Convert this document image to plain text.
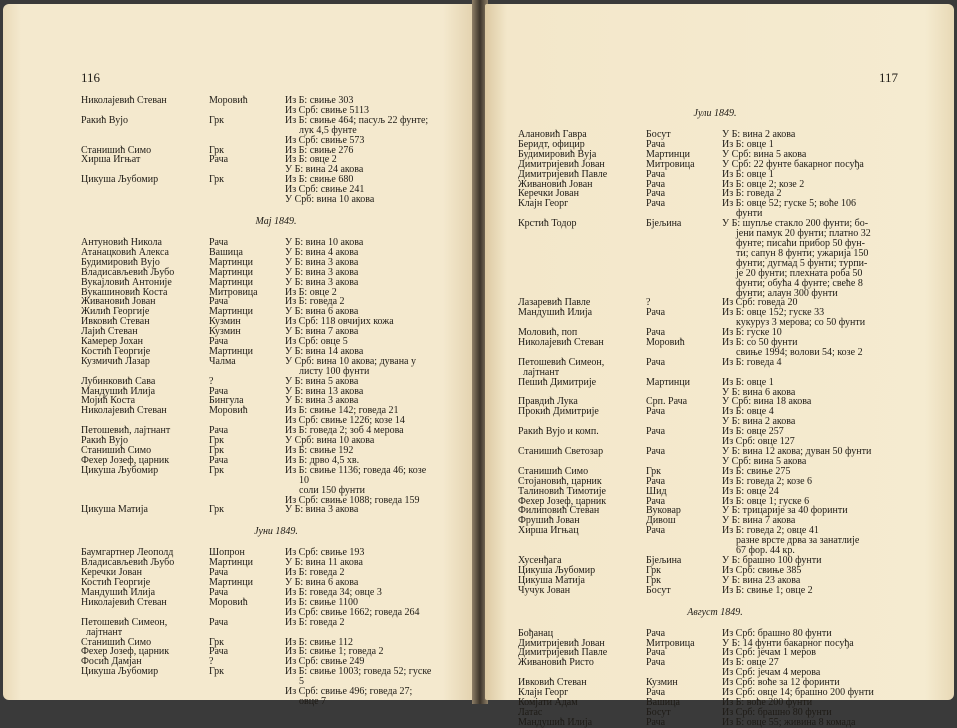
116
Николајевић Стеван	Моровић	Из Б: свиње 303
Из Срб: свиње 5113
Ракић Вујо	Грк	Из Б: свиње 464; пасуљ 22 фунте;
лук 4,5 фунте
Из Срб: свиње 573
Станишић Симо	Грк	Из Б: свиње 276
Хирша Игњат	Рача	Из Б: овце 2
У Б: вина 24 акова
Цикуша Љубомир	Грк	Из Б: свиње 680
Из Срб: свиње 241
У Срб: вина 10 акова
Мај 1849.
Антуновић Никола	Рача	У Б: вина 10 акова
Атанацковић Алекса	Вашица	У Б: вина 4 акова
Будимировић Вујо	Мартинци	У Б: вина 3 акова
Владисављевић Љубо	Мартинци	У Б: вина 3 акова
Вукајловић Антоније	Мартинци	У Б: вина 3 акова
Вукашиновић Коста	Митровица	Из Б: овце 2
Живановић Јован	Рача	Из Б: говеда 2
Жилић Георгије	Мартинци	У Б: вина 6 акова
Ивковић Стеван	Кузмин	Из Срб: 118 овчијих кожа
Лајић Стеван	Кузмин	У Б: вина 7 акова
Камерер Јохан	Рача	Из Срб: овце 5
Костић Георгије	Мартинци	У Б: вина 14 акова
Кузмичић Лазар	Чалма	У Срб: вина 10 акова; дувана у
листу 100 фунти
Лубинковић Сава	?	У Б: вина 5 акова
Мандушић Илија	Рача	У Б: вина 13 акова
Мојић Коста	Бингула	У Б: вина 3 акова
Николајевић Стеван	Моровић	Из Б: свиње 142; говеда 21
Из Срб: свиње 1226; козе 14
Петошевић, лајтнант	Рача	Из Б: говеда 2; зоб 4 мерова
Ракић Вујо	Грк	У Срб: вина 10 акова
Станишић Симо	Грк	Из Б: свиње 192
Фехер Јозеф, царник	Рача	Из Б: дрво 4,5 хв.
Цикуша Љубомир	Грк	Из Б: свиње 1136; говеда 46; козе
10
соли 150 фунти
Из Срб: свиње 1088; говеда 159
Цикуша Матија	Грк	У Б: вина 3 акова
Јуни 1849.
Баумгартнер Леополд	Шопрон	Из Срб: свиње 193
Владисављевић Љубо	Мартинци	У Б: вина 11 акова
Керечки Јован	Рача	Из Б: говеда 2
Костић Георгије	Мартинци	У Б: вина 6 акова
Мандушић Илија	Рача	Из Б: говеда 34; овце 3
Николајевић Стеван	Моровић	Из Б: свиње 1100
Из Срб: свиње 1662; говеда 264
Петошевић Симеон,	Рача	Из Б: говеда 2
лајтнант
Станишић Симо	Грк	Из Б: свиње 112
Фехер Јозеф, царник	Рача	Из Б: свиње 1; говеда 2
Фосић Дамјан	?	Из Срб: свиње 249
Цикуша Љубомир	Грк	Из Б: свиње 1003; говеда 52; гуске
5
Из Срб: свиње 496; говеда 27;
овце 7
117
Јули 1849.
Алановић Гавра	Босут	У Б: вина 2 акова
Беридт, официр	Рача	Из Б: овце 1
Будимировић Вујa	Мартинци	У Срб: вина 5 акова
Димитријевић Јован	Митровица	У Срб: 22 фунте бакарног посуђа
Димитријевић Павле	Рача	Из Б: овце 1
Живановић Јован	Рача	Из Б: овце 2; козе 2
Керечки Јован	Рача	Из Б: говеда 2
Клајн Георг	Рача	Из Б: овце 52; гуске 5; воће 106
фунти
Крстић Тодор	Бјељина	У Б: шупље стакло 200 фунти; бо-
јени памук 20 фунти; платно 32
фунте; писаћи прибор 50 фун-
ти; сапун 8 фунти; ужарија 150
фунти; дугмад 5 фунти; турпи-
је 20 фунти; плехната роба 50
фунти; обућа 4 фунте; свеће 8
фунти; алаун 300 фунти
Лазаревић Павле	?	Из Срб: говеда 20
Мандушић Илија	Рача	Из Б: овце 152; гуске 33
кукуруз 3 мерова; со 50 фунти
Моловић, поп	Рача	Из Б: гуске 10
Николајевић Стеван	Моровић	Из Б: со 50 фунти
свиње 1994; волови 54; козе 2
Петошевић Симеон,	Рача	Из Б: говеда 4
лајтнант
Пешић Димитрије	Мартинци	Из Б: овце 1
У Б: вина 6 акова
Правдић Лука	Срп. Рача	У Срб: вина 18 акова
Прокић Димитрије	Рача	Из Б: овце 4
У Б: вина 2 акова
Ракић Вујо и комп.	Рача	Из Б: овце 257
Из Срб: овце 127
Станишић Светозар	Рача	У Б: вина 12 акова; дуван 50 фунти
У Срб: вина 5 акова
Станишић Симо	Грк	Из Б: свиње 275
Стојановић, царник	Рача	Из Б: говеда 2; козе 6
Талиновић Тимотије	Шид	Из Б: овце 24
Фехер Јозеф, царник	Рача	Из Б: овце 1; гуске 6
Филиповић Стеван	Вуковар	У Б: трицарије за 40 форинти
Фрушић Јован	Дивош	У Б: вина 7 акова
Хирша Игњац	Рача	Из Б: говеда 2; овце 41
разне врсте дрва за занатлије
67 фор. 44 кр.
Хусенђага	Бјељина	У Б: брашно 100 фунти
Цикуша Љубомир	Грк	Из Срб: свиње 385
Цикуша Матија	Грк	У Б: вина 23 акова
Чучук Јован	Босут	Из Б: свиње 1; овце 2
Август 1849.
Бођанац	Рача	Из Срб: брашно 80 фунти
Димитријевић Јован	Митровица	У Б: 14 фунти бакарног посуђа
Димитријевић Павле	Рача	Из Срб: јечам 1 меров
Живановић Ристо	Рача	Из Б: овце 27
Из Срб: јечам 4 мерова
Ивковић Стеван	Кузмин	Из Срб: воће за 12 форинти
Клајн Георг	Рача	Из Срб: овце 14; брашно 200 фунти
Комјати Адам	Вашица	Из Б: воће 200 фунти
Латас	Босут	Из Срб: брашно 80 фунти
Мандушић Илија	Рача	Из Б: овце 55; живина 8 комада
